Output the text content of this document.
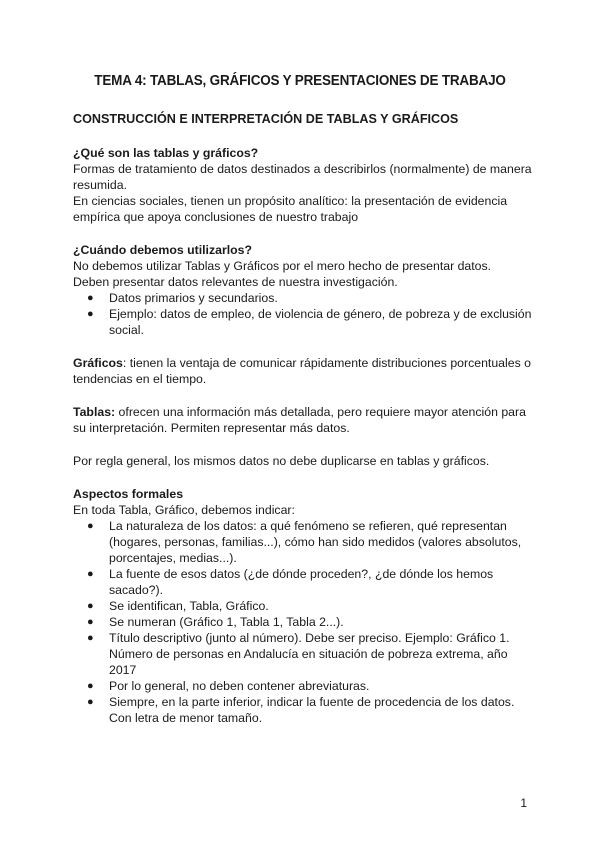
TEMA 4: TABLAS, GRÁFICOS Y PRESENTACIONES DE TRABAJO

CONSTRUCCIÓN E INTERPRETACIÓN DE TABLAS Y GRÁFICOS

¿Qué son las tablas y gráficos?

Formas de tratamiento de datos destinados a describirlos (normalmente) de manera

resumida.

En ciencias sociales, tienen un propósito analítico: la presentación de evidencia

empírica que apoya conclusiones de nuestro trabajo

¿Cuándo debemos utilizarlos?

No debemos utilizar Tablas y Gráficos por el mero hecho de presentar datos.

Deben presentar datos relevantes de nuestra investigación.

● Datos primarios y secundarios.
● Ejemplo: datos de empleo, de violencia de género, de pobreza y de exclusión
social.

Gráficos: tienen la ventaja de comunicar rápidamente distribuciones porcentuales o
tendencias en el tiempo.

Tablas: ofrecen una información más detallada, pero requiere mayor atención para
su interpretación. Permiten representar más datos.

Por regla general, los mismos datos no debe duplicarse en tablas y gráficos.

Aspectos formales

En toda Tabla, Gráfico, debemos indicar:

● La naturaleza de los datos: a qué fenómeno se refieren, qué representan
(hogares, personas, familias...), cómo han sido medidos (valores absolutos,
porcentajes, medias...).
● La fuente de esos datos (¿de dónde proceden?, ¿de dónde los hemos
sacado?).
● Se identifican, Tabla, Gráfico.
● Se numeran (Gráfico 1, Tabla 1, Tabla 2...).
● Título descriptivo (junto al número). Debe ser preciso. Ejemplo: Gráfico 1.
Número de personas en Andalucía en situación de pobreza extrema, año
2017
● Por lo general, no deben contener abreviaturas.
● Siempre, en la parte inferior, indicar la fuente de procedencia de los datos.
Con letra de menor tamaño.
1
